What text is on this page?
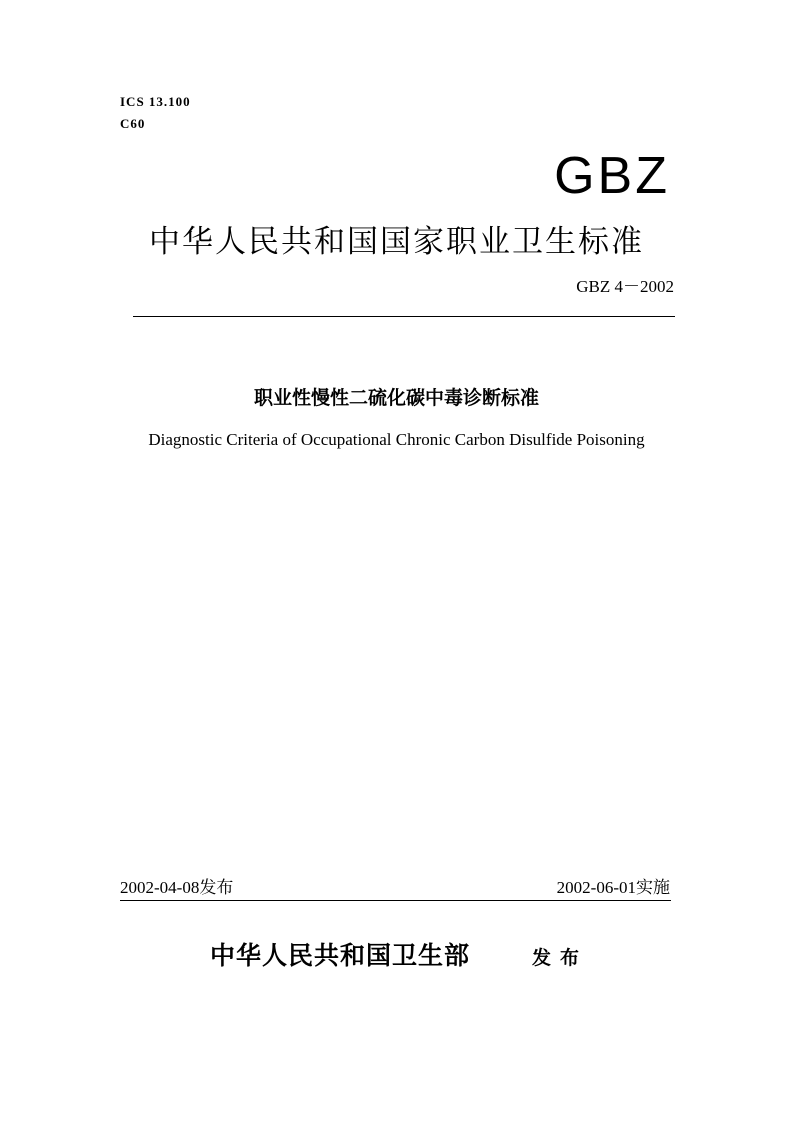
ICS 13.100
C60
GBZ
中华人民共和国国家职业卫生标准
GBZ 4－2002
职业性慢性二硫化碳中毒诊断标准
Diagnostic Criteria of Occupational Chronic Carbon Disulfide Poisoning
2002-04-08发布	2002-06-01实施
中华人民共和国卫生部	发布
